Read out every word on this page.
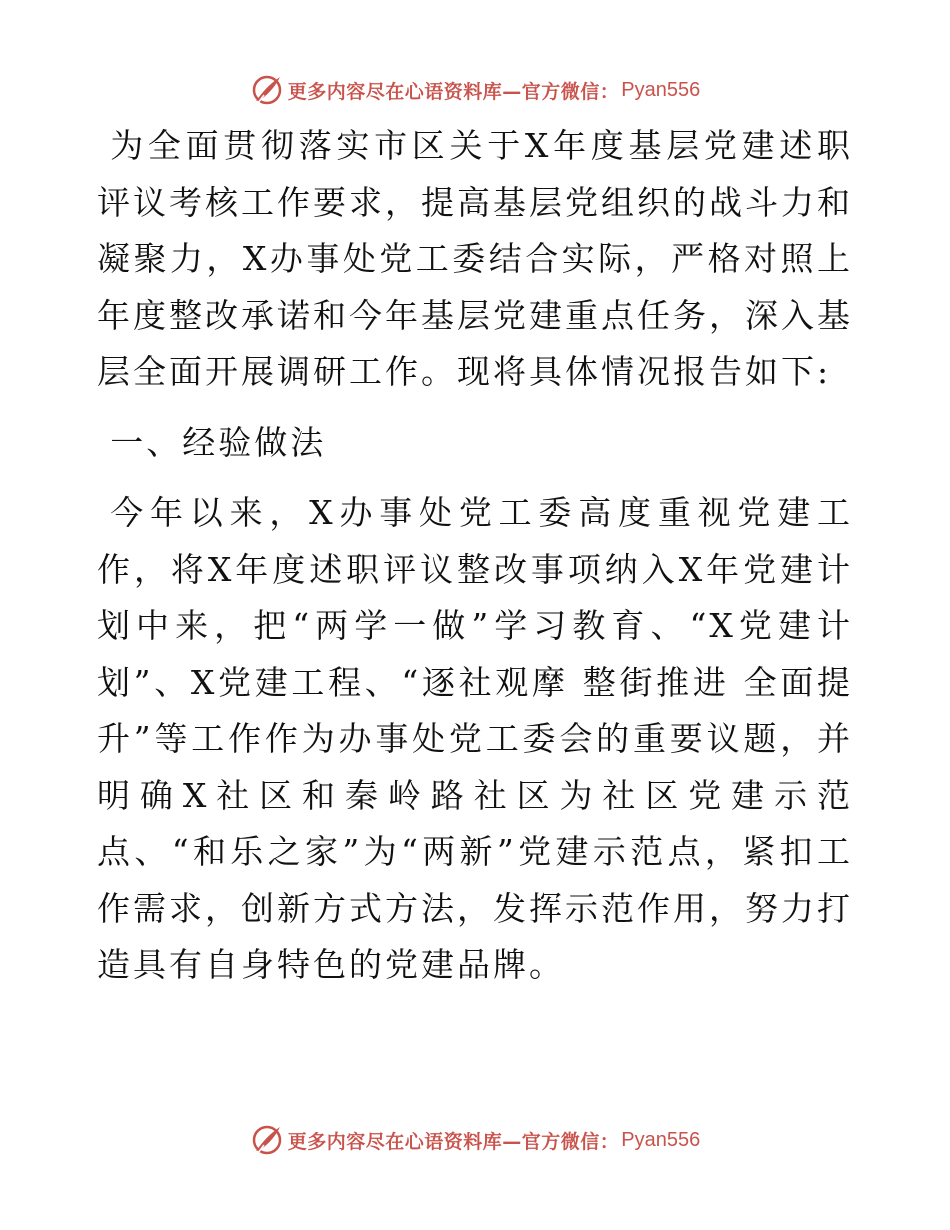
更多内容尽在心语资料库—官方微信： Pyan556

为全面贯彻落实市区关于X年度基层党建述职评议考核工作要求，提高基层党组织的战斗力和凝聚力，X办事处党工委结合实际，严格对照上年度整改承诺和今年基层党建重点任务，深入基层全面开展调研工作。现将具体情况报告如下:

一、经验做法

今年以来，X办事处党工委高度重视党建工作，将X年度述职评议整改事项纳入X年党建计划中来，把“两学一做”学习教育、“X党建计划”、X党建工程、“逐社观摩 整街推进 全面提升”等工作作为办事处党工委会的重要议题，并明确X社区和秦岭路社区为社区党建示范点、“和乐之家”为“两新”党建示范点，紧扣工作需求，创新方式方法，发挥示范作用，努力打造具有自身特色的党建品牌。

更多内容尽在心语资料库—官方微信： Pyan556
